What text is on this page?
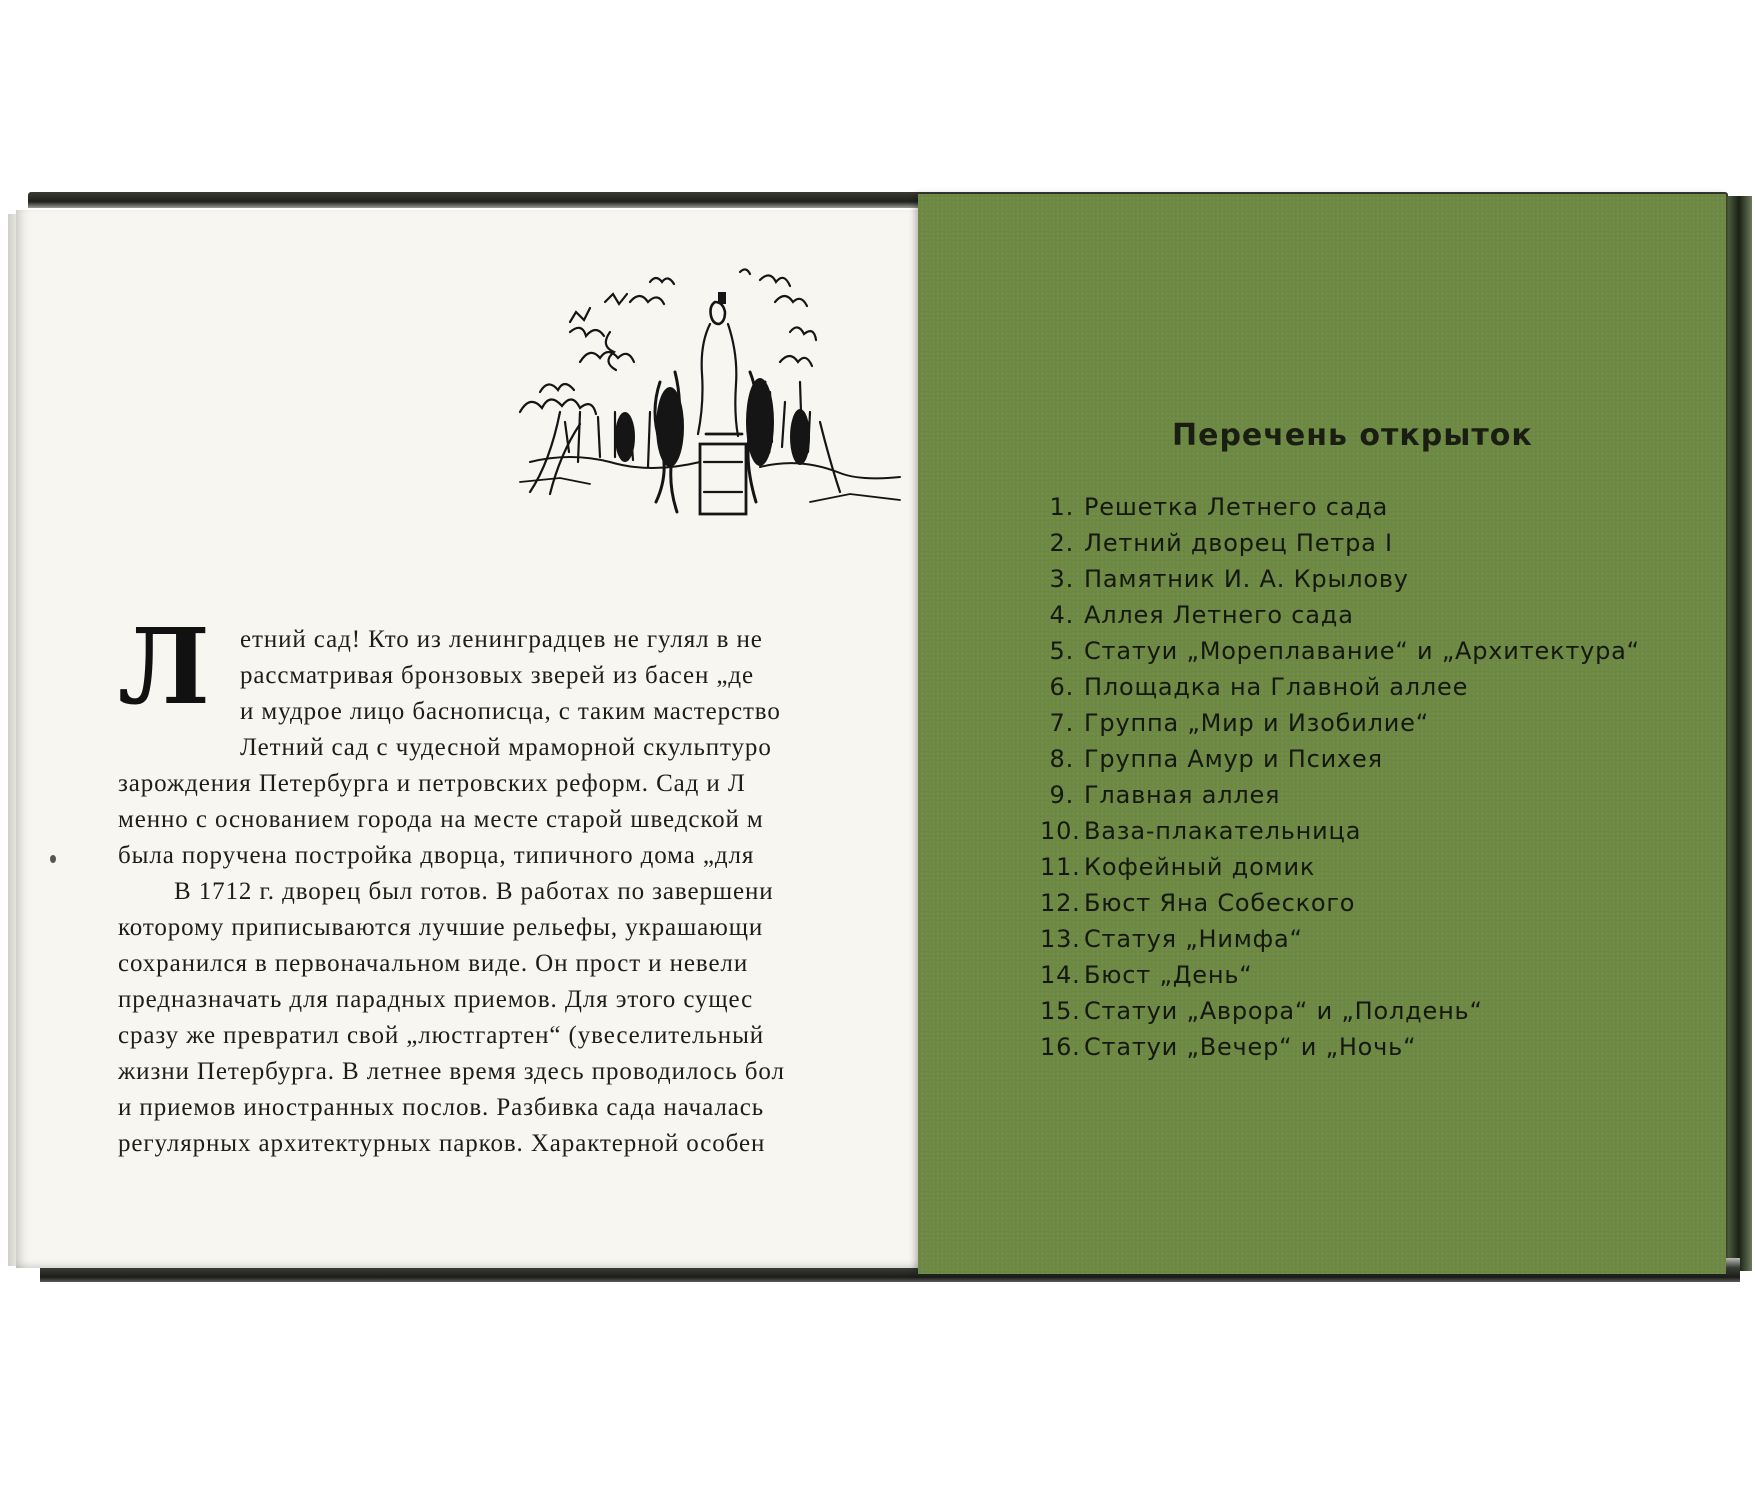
Л етний сад! Кто из ленинградцев не гулял в не
рассматривая бронзовых зверей из басен „де
и мудрое лицо баснописца, с таким мастерство
Летний сад с чудесной мраморной скульптуро
зарождения Петербурга и петровских реформ. Сад и Л
менно с основанием города на месте старой шведской м
была поручена постройка дворца, типичного дома „для
В 1712 г. дворец был готов. В работах по завершени
которому приписываются лучшие рельефы, украшающи
сохранился в первоначальном виде. Он прост и невели
предназначать для парадных приемов. Для этого сущес
сразу же превратил свой „люстгартен“ (увеселительный
жизни Петербурга. В летнее время здесь проводилось бол
и приемов иностранных послов. Разбивка сада началась
регулярных архитектурных парков. Характерной особен
Перечень открыток
1. Решетка Летнего сада
2. Летний дворец Петра I
3. Памятник И. А. Крылову
4. Аллея Летнего сада
5. Статуи „Мореплавание“ и „Архитектура“
6. Площадка на Главной аллее
7. Группа „Мир и Изобилие“
8. Группа Амур и Психея
9. Главная аллея
10. Ваза-плакательница
11. Кофейный домик
12. Бюст Яна Собеского
13. Статуя „Нимфа“
14. Бюст „День“
15. Статуи „Аврора“ и „Полдень“
16. Статуи „Вечер“ и „Ночь“
